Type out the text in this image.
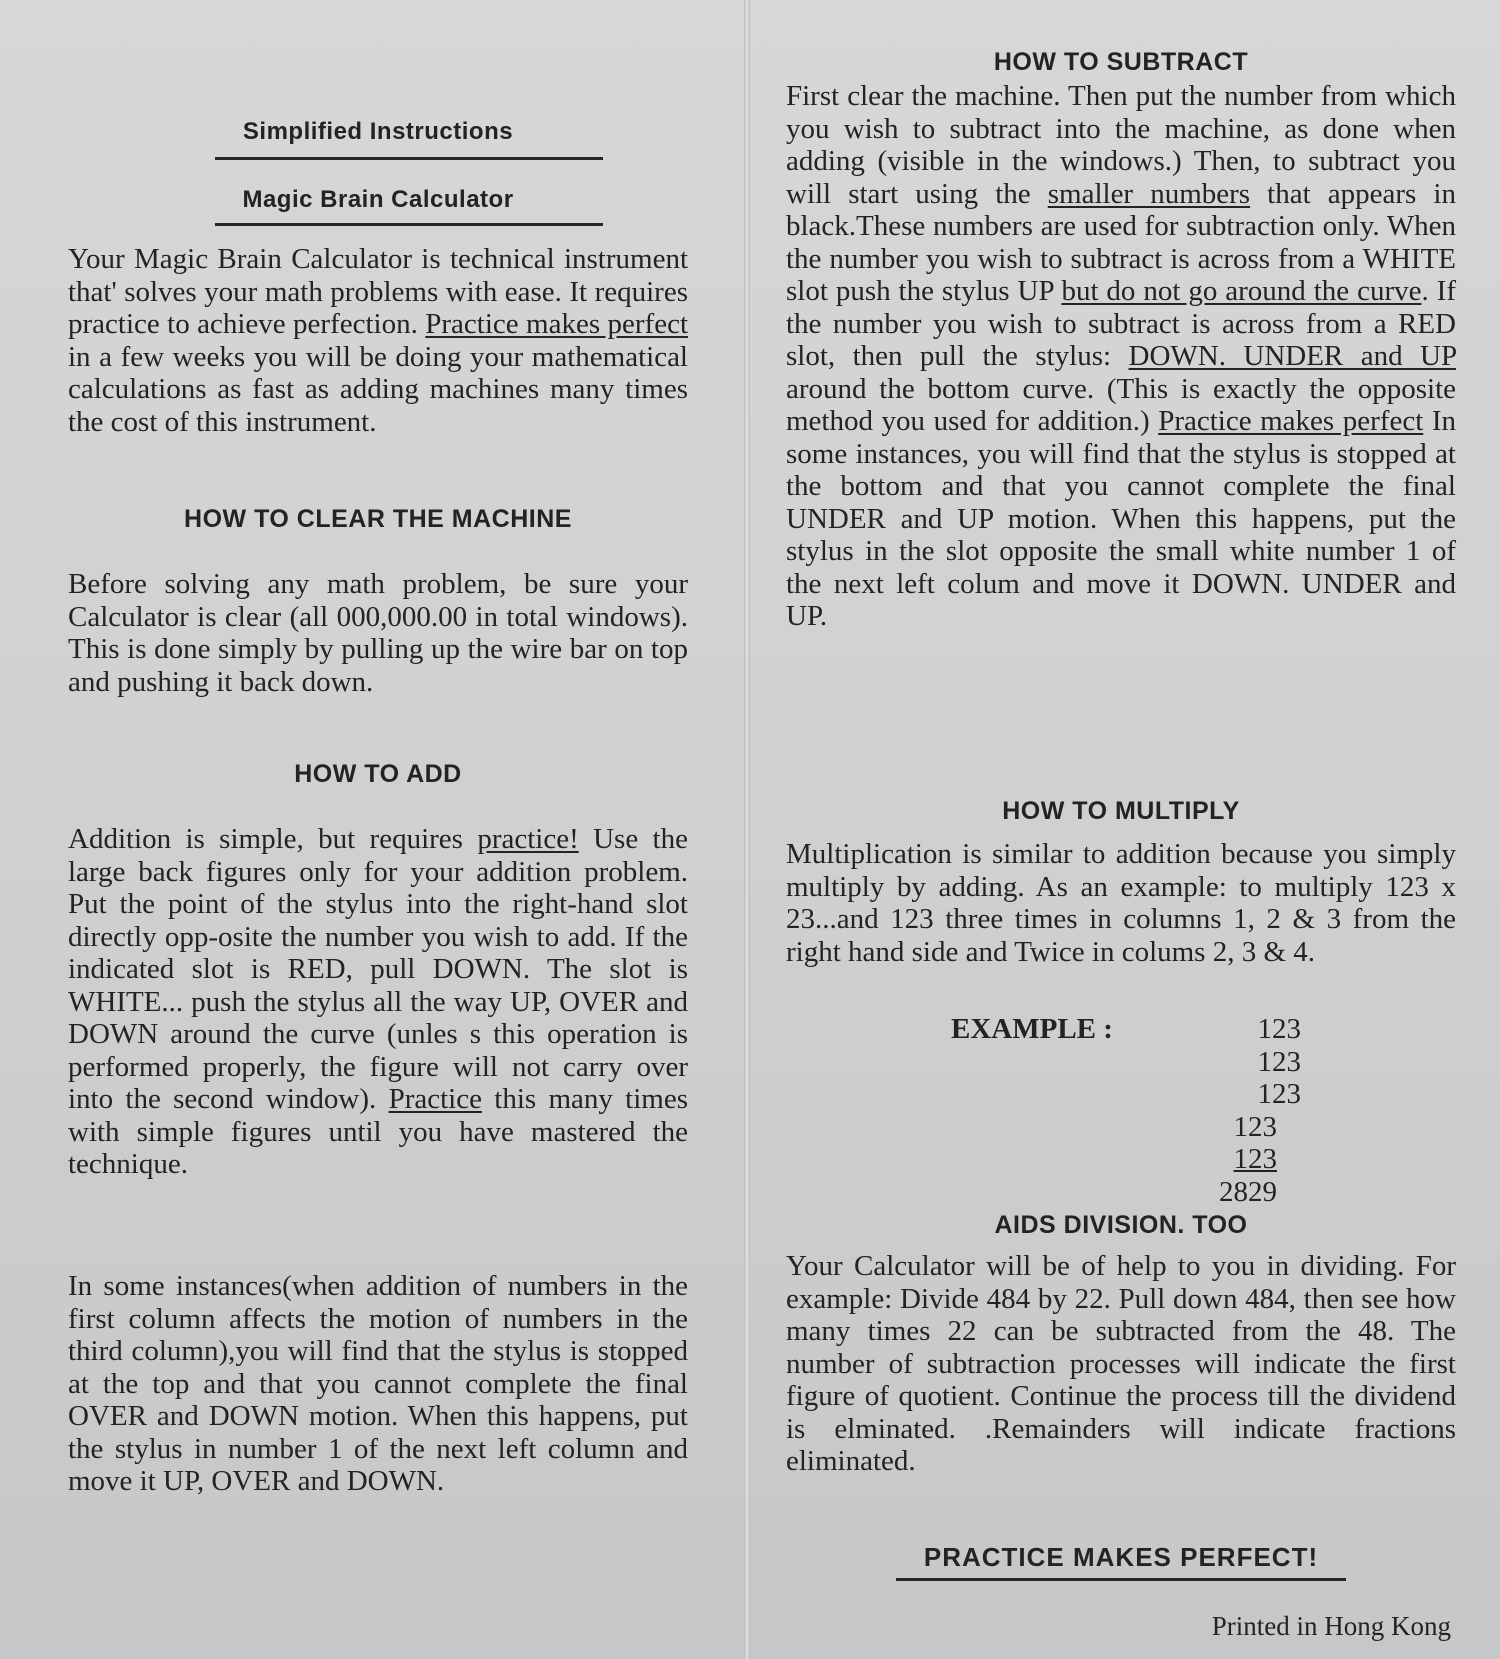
Simplified Instructions
Magic Brain Calculator

Your Magic Brain Calculator is technical instrument that' solves your math problems with ease. It requires practice to achieve perfection. Practice makes perfect in a few weeks you will be doing your mathematical calculations as fast as adding machines many times the cost of this instrument.

HOW TO CLEAR THE MACHINE

Before solving any math problem, be sure your Calculator is clear (all 000,000.00 in total windows). This is done simply by pulling up the wire bar on top and pushing it back down.

HOW TO ADD

Addition is simple, but requires practice! Use the large back figures only for your addition problem. Put the point of the stylus into the right-hand slot directly opp-osite the number you wish to add. If the indicated slot is RED, pull DOWN. The slot is WHITE... push the stylus all the way UP, OVER and DOWN around the curve (unles s this operation is performed properly, the figure will not carry over into the second window). Practice this many times with simple figures until you have mastered the technique.

In some instances(when addition of numbers in the first column affects the motion of numbers in the third column),you will find that the stylus is stopped at the top and that you cannot complete the final OVER and DOWN motion. When this happens, put the stylus in number 1 of the next left column and move it UP, OVER and DOWN.

HOW TO SUBTRACT

First clear the machine. Then put the number from which you wish to subtract into the machine, as done when adding (visible in the windows.) Then, to subtract you will start using the smaller numbers that appears in black.These numbers are used for subtraction only. When the number you wish to subtract is across from a WHITE slot push the stylus UP but do not go around the curve. If the number you wish to subtract is across from a RED slot, then pull the stylus: DOWN. UNDER and UP around the bottom curve. (This is exactly the opposite method you used for addition.) Practice makes perfect In some instances, you will find that the stylus is stopped at the bottom and that you cannot complete the final UNDER and UP motion. When this happens, put the stylus in the slot opposite the small white number 1 of the next left colum and move it DOWN. UNDER and UP.

HOW TO MULTIPLY

Multiplication is similar to addition because you simply multiply by adding. As an example: to multiply 123 x 23...and 123 three times in columns 1, 2 & 3 from the right hand side and Twice in colums 2, 3 & 4.

EXAMPLE :	123
123
123
123
123
2829
AIDS DIVISION. TOO

Your Calculator will be of help to you in dividing. For example: Divide 484 by 22. Pull down 484, then see how many times 22 can be subtracted from the 48. The number of subtraction processes will indicate the first figure of quotient. Continue the process till the dividend is elminated. .Remainders will indicate fractions eliminated.

PRACTICE MAKES PERFECT!
Printed in Hong Kong
